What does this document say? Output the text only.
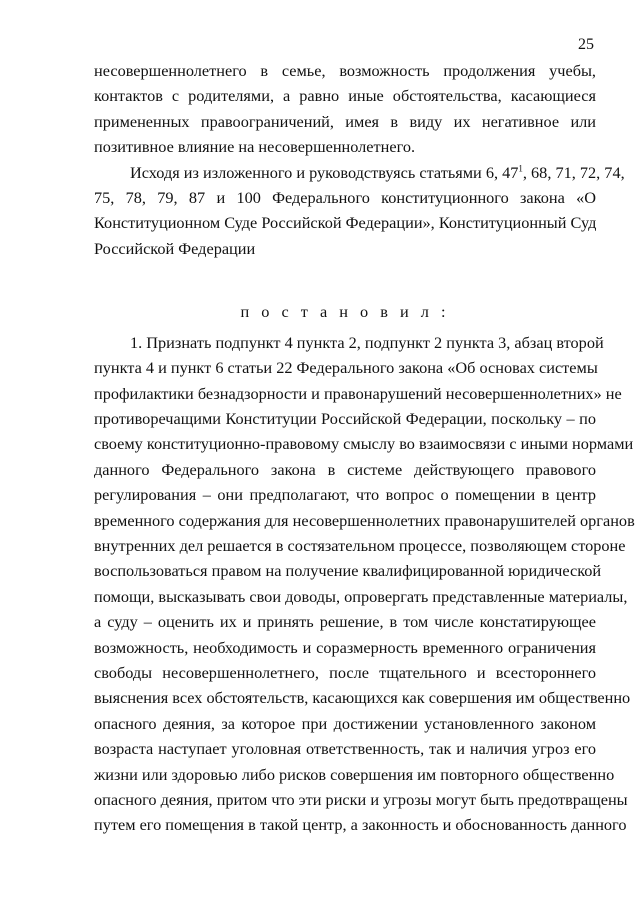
25
несовершеннолетнего в семье, возможность продолжения учебы,
контактов с родителями, а равно иные обстоятельства, касающиеся
примененных правоограничений, имея в виду их негативное или
позитивное влияние на несовершеннолетнего.
Исходя из изложенного и руководствуясь статьями 6, $47^1$, 68, 71, 72, 74,
75, 78, 79, 87 и 100 Федерального конституционного закона «О
Конституционном Суде Российской Федерации», Конституционный Суд
Российской Федерации
п о с т а н о в и л :
1. Признать подпункт 4 пункта 2, подпункт 2 пункта 3, абзац второй
пункта 4 и пункт 6 статьи 22 Федерального закона «Об основах системы
профилактики безнадзорности и правонарушений несовершеннолетних» не
противоречащими Конституции Российской Федерации, поскольку – по
своему конституционно-правовому смыслу во взаимосвязи с иными нормами
данного Федерального закона в системе действующего правового
регулирования – они предполагают, что вопрос о помещении в центр
временного содержания для несовершеннолетних правонарушителей органов
внутренних дел решается в состязательном процессе, позволяющем стороне
воспользоваться правом на получение квалифицированной юридической
помощи, высказывать свои доводы, опровергать представленные материалы,
а суду – оценить их и принять решение, в том числе констатирующее
возможность, необходимость и соразмерность временного ограничения
свободы несовершеннолетнего, после тщательного и всестороннего
выяснения всех обстоятельств, касающихся как совершения им общественно
опасного деяния, за которое при достижении установленного законом
возраста наступает уголовная ответственность, так и наличия угроз его
жизни или здоровью либо рисков совершения им повторного общественно
опасного деяния, притом что эти риски и угрозы могут быть предотвращены
путем его помещения в такой центр, а законность и обоснованность данного
